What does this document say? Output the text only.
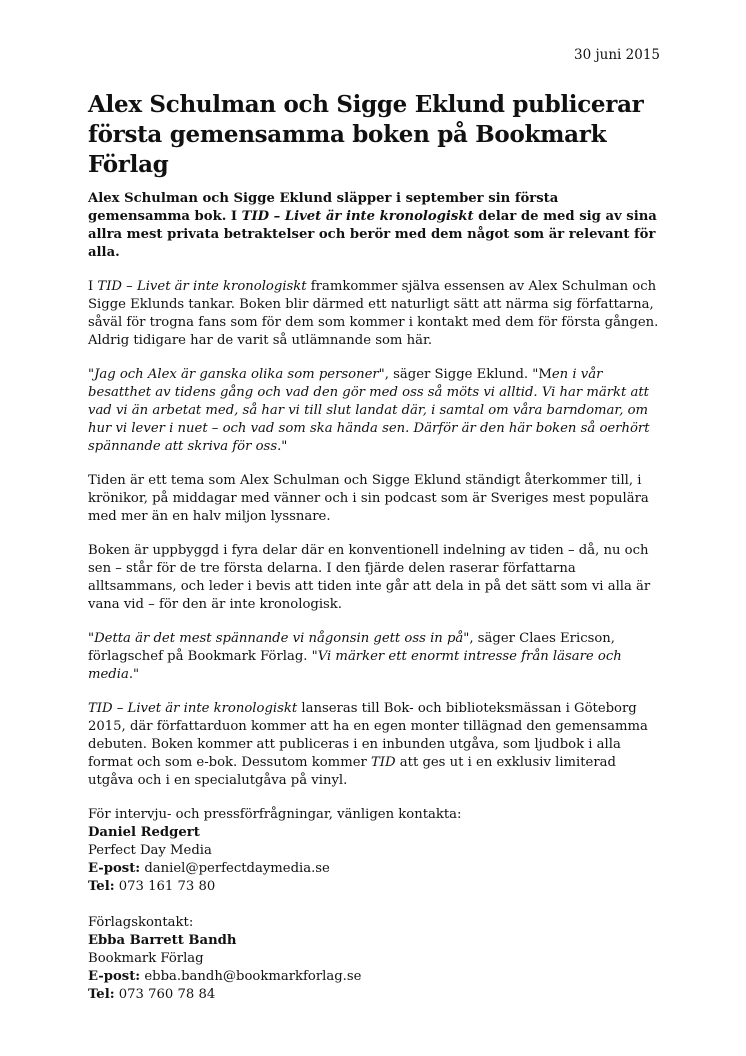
30 juni 2015
Alex Schulman och Sigge Eklund publicerar första gemensamma boken på Bookmark Förlag

Alex Schulman och Sigge Eklund släpper i september sin första gemensamma bok. I TID – Livet är inte kronologiskt delar de med sig av sina allra mest privata betraktelser och berör med dem något som är relevant för alla.

I TID – Livet är inte kronologiskt framkommer själva essensen av Alex Schulman och Sigge Eklunds tankar. Boken blir därmed ett naturligt sätt att närma sig författarna, såväl för trogna fans som för dem som kommer i kontakt med dem för första gången. Aldrig tidigare har de varit så utlämnande som här.

"Jag och Alex är ganska olika som personer", säger Sigge Eklund. "Men i vår besatthet av tidens gång och vad den gör med oss så möts vi alltid. Vi har märkt att vad vi än arbetat med, så har vi till slut landat där, i samtal om våra barndomar, om hur vi lever i nuet – och vad som ska hända sen. Därför är den här boken så oerhört spännande att skriva för oss."

Tiden är ett tema som Alex Schulman och Sigge Eklund ständigt återkommer till, i krönikor, på middagar med vänner och i sin podcast som är Sveriges mest populära med mer än en halv miljon lyssnare.

Boken är uppbyggd i fyra delar där en konventionell indelning av tiden – då, nu och sen – står för de tre första delarna. I den fjärde delen raserar författarna alltsammans, och leder i bevis att tiden inte går att dela in på det sätt som vi alla är vana vid – för den är inte kronologisk.

"Detta är det mest spännande vi någonsin gett oss in på", säger Claes Ericson, förlagschef på Bookmark Förlag. "Vi märker ett enormt intresse från läsare och media."

TID – Livet är inte kronologiskt lanseras till Bok- och biblioteksmässan i Göteborg 2015, där författarduon kommer att ha en egen monter tillägnad den gemensamma debuten. Boken kommer att publiceras i en inbunden utgåva, som ljudbok i alla format och som e-bok. Dessutom kommer TID att ges ut i en exklusiv limiterad utgåva och i en specialutgåva på vinyl.

För intervju- och pressförfrågningar, vänligen kontakta:

Daniel Redgert

Perfect Day Media

E-post: daniel@perfectdaymedia.se

Tel: 073 161 73 80

Förlagskontakt:

Ebba Barrett Bandh

Bookmark Förlag

E-post: ebba.bandh@bookmarkforlag.se

Tel: 073 760 78 84
